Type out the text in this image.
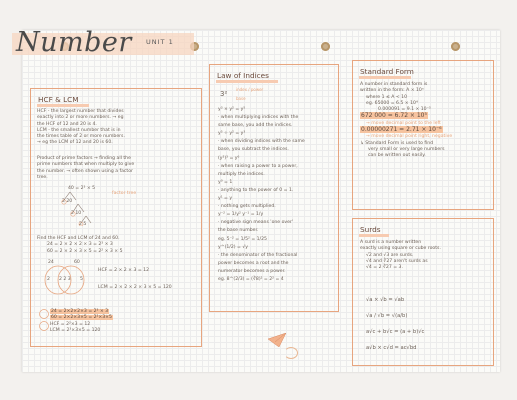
Number UNIT 1
HCF & LCM
HCF - the largest number that divides
exactly into 2 or more numbers. → eg
the HCF of 12 and 20 is 4.
LCM - the smallest number that is in
the times table of 2 or more numbers.
→ eg the LCM of 12 and 20 is 60.
Product of prime factors → finding all the
prime numbers that when multiply to give
the number. → often shown using a factor
tree.
40 = 2³ × 5
factor tree
2 20
2 10
2 5
Find the HCF and LCM of 24 and 60.
24 = 2 × 2 × 2 × 3 = 2³ × 3
60 = 2 × 2 × 3 × 5 = 2² × 3 × 5
24	60
2 2 2 3 5
HCF = 2 × 2 × 3 = 12
LCM = 2 × 2 × 2 × 3 × 5 = 120
24 = 2×2×2×3 = 2³ × 3
60 = 2×2×3×5 = 2²×3×5
HCF = 2²×3 = 12
LCM = 2³×3×5 = 120
Law of Indices
3²
index / power
base
y³ × y² = y⁵
· when multiplying indices with the
same base, you add the indices.
y⁵ ÷ y² = y³
· when dividing indices with the same
base, you subtract the indices.
(y²)³ = y⁶
· when raising a power to a power,
multiply the indices.
y⁰ = 1
· anything to the power of 0 = 1.
y¹ = y
· nothing gets multiplied.
y⁻² = 1/y² y⁻¹ = 1/y
· negative sign means 'one over'
the base number.
eg. 5⁻² = 1/5² = 1/25
y^(1/2) = √y
· the denominator of the fractional
power becomes a root and the
numerator becomes a power.
eg. 8^(2/3) = (∛8)² = 2² = 4
Standard Form
A number in standard form is
written in the form: A × 10ⁿ
where 1 ≤ A < 10
eg. 65000 = 6.5 × 10⁴
0.000091 = 9.1 × 10⁻⁵
672 000 = 6.72 × 10⁵
→ move decimal point to the left
0.00000271 = 2.71 × 10⁻⁶
→ move decimal point right, negative
↳ Standard Form is used to find
very small or very large numbers
can be written out easily.
Surds
A surd is a number written
exactly using square or cube roots.
√2 and √3 are surds.
√4 and ∛27 aren't surds as
√4 = 2 ∛27 = 3.
√a × √b = √ab
√a / √b = √(a/b)
a√c + b√c = (a + b)√c
a√b × c√d = ac√bd
